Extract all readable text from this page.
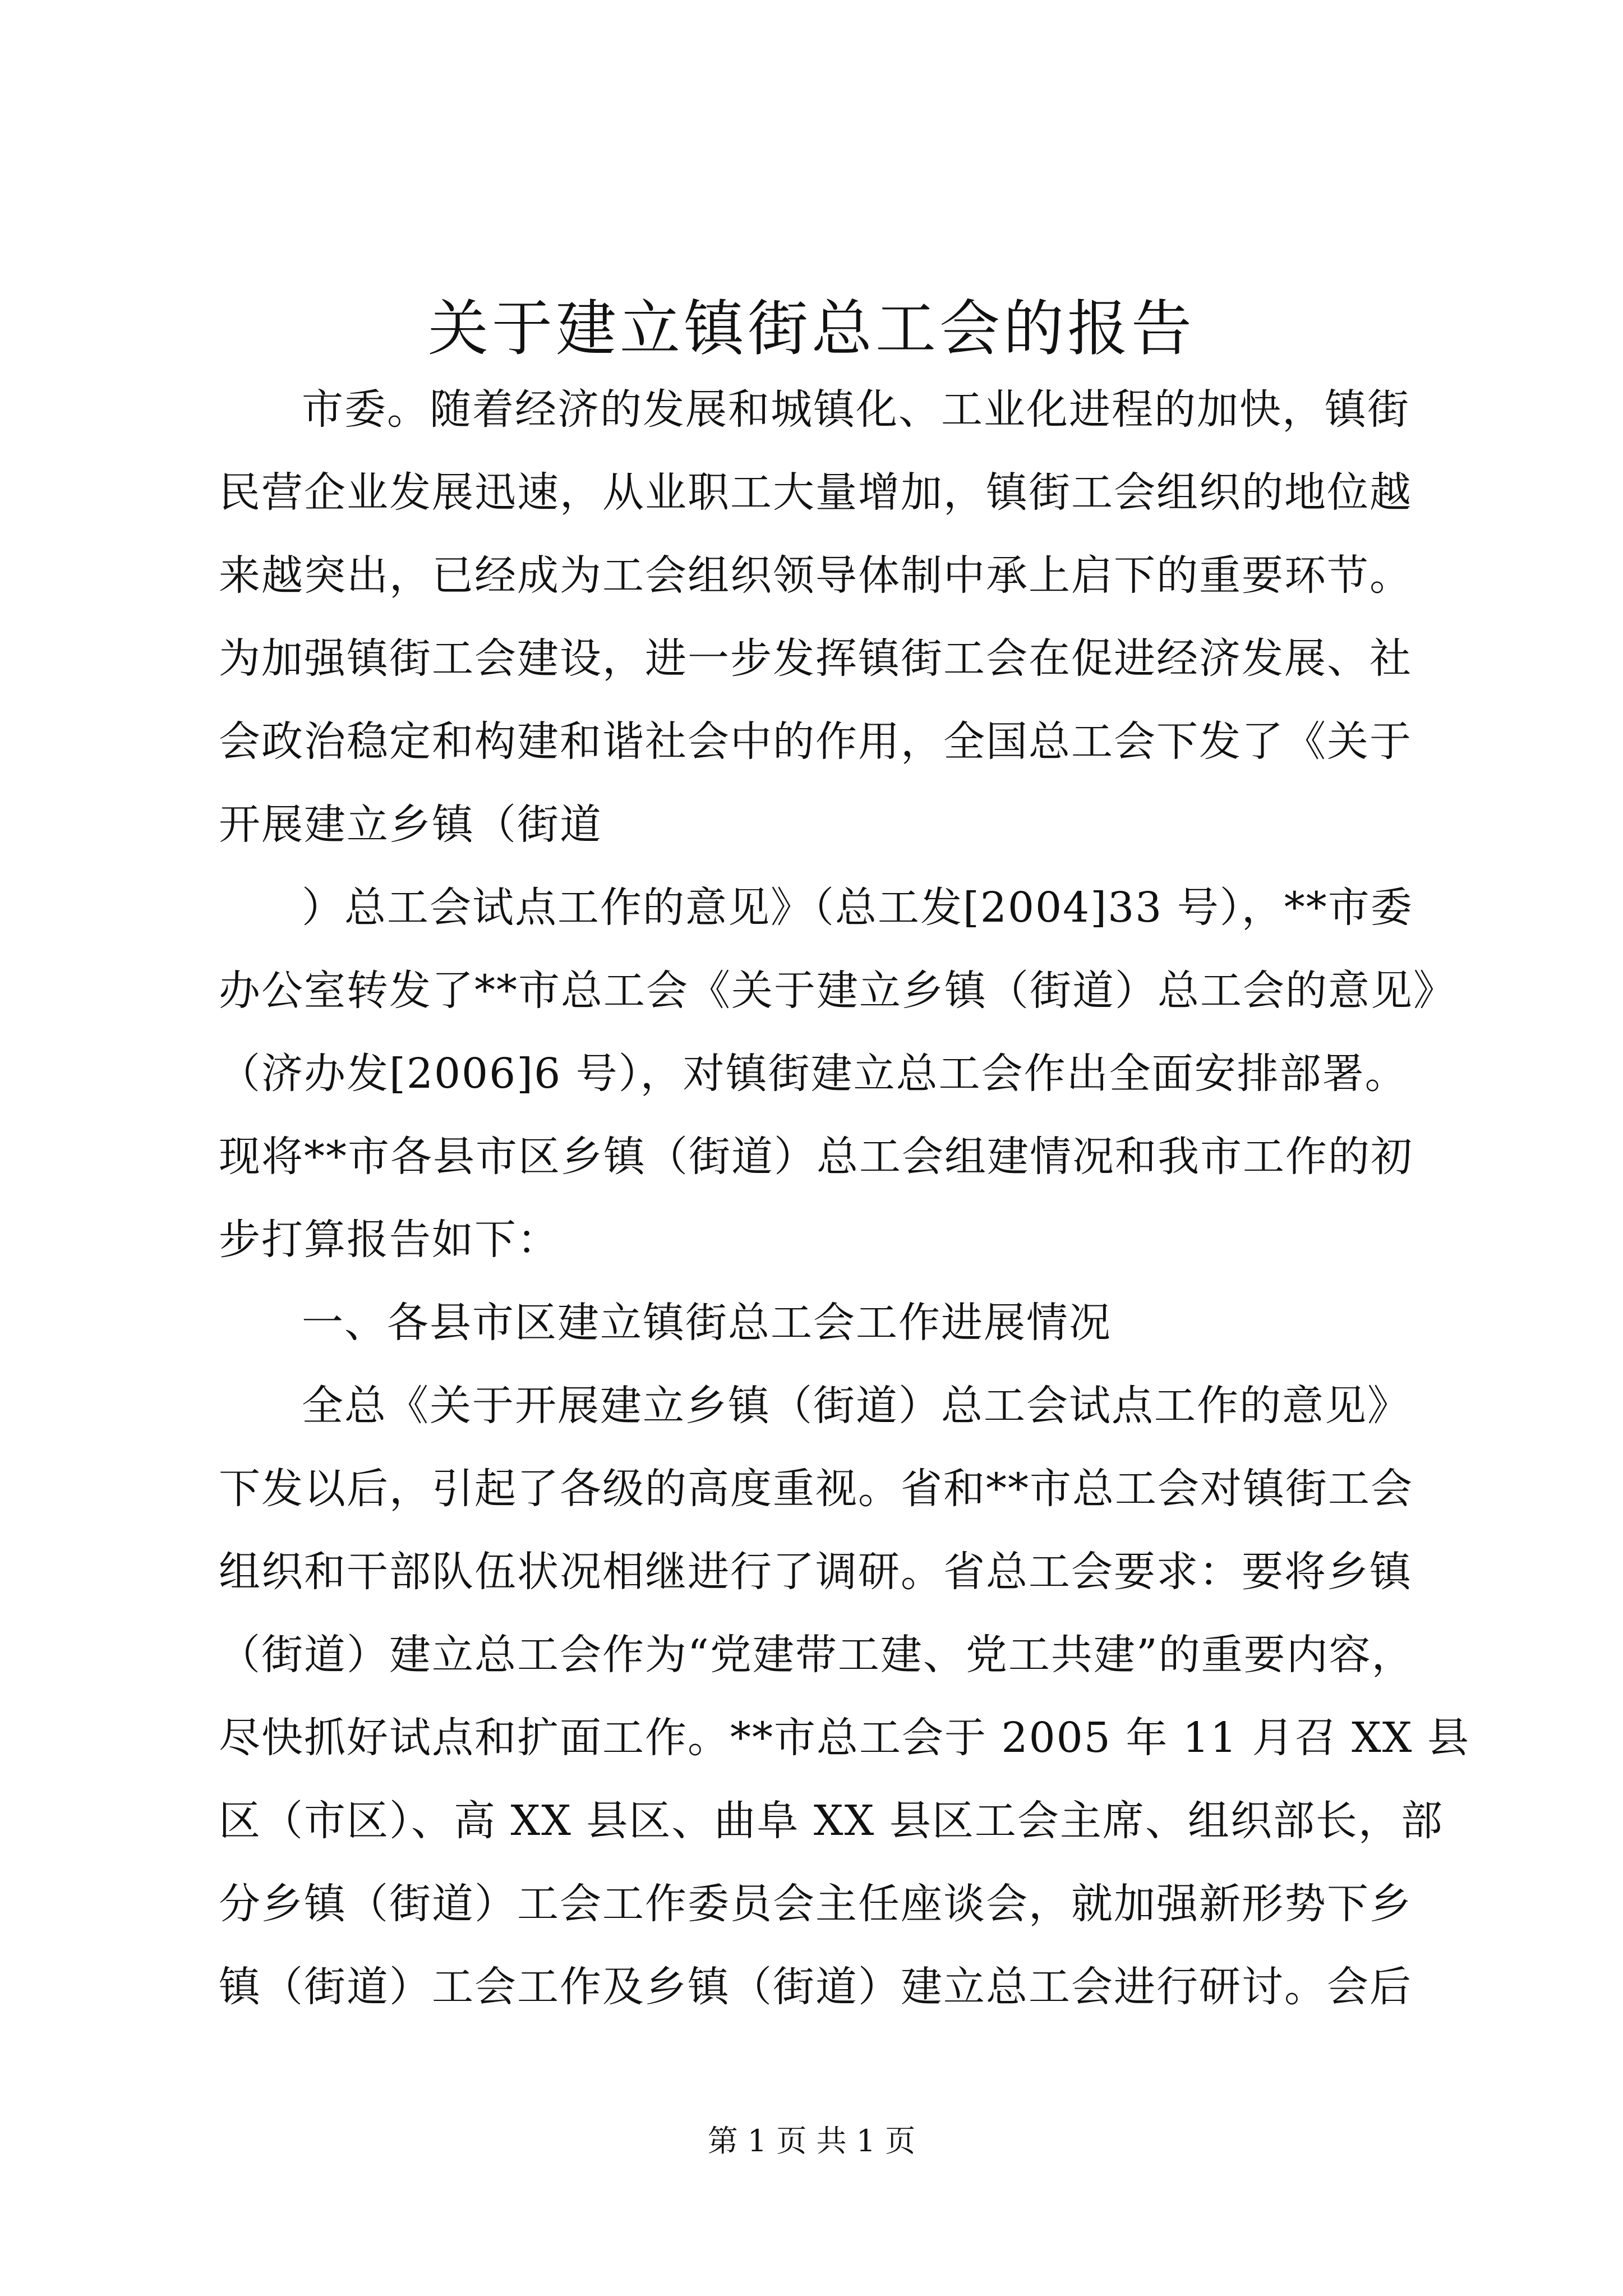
关于建立镇街总工会的报告
市委。随着经济的发展和城镇化、工业化进程的加快，镇街
民营企业发展迅速，从业职工大量增加，镇街工会组织的地位越
来越突出，已经成为工会组织领导体制中承上启下的重要环节。
为加强镇街工会建设，进一步发挥镇街工会在促进经济发展、社
会政治稳定和构建和谐社会中的作用，全国总工会下发了《关于
开展建立乡镇（街道
）总工会试点工作的意见》（总工发[2004]33 号），**市委
办公室转发了**市总工会《关于建立乡镇（街道）总工会的意见》
（济办发[2006]6 号），对镇街建立总工会作出全面安排部署。
现将**市各县市区乡镇（街道）总工会组建情况和我市工作的初
步打算报告如下：
一、各县市区建立镇街总工会工作进展情况
全总《关于开展建立乡镇（街道）总工会试点工作的意见》
下发以后，引起了各级的高度重视。省和**市总工会对镇街工会
组织和干部队伍状况相继进行了调研。省总工会要求：要将乡镇
（街道）建立总工会作为“党建带工建、党工共建”的重要内容，
尽快抓好试点和扩面工作。**市总工会于 2005 年 11 月召 XX 县
区（市区）、高 XX 县区、曲阜 XX 县区工会主席、组织部长，部
分乡镇（街道）工会工作委员会主任座谈会，就加强新形势下乡
镇（街道）工会工作及乡镇（街道）建立总工会进行研讨。会后
第 1 页 共 1 页
